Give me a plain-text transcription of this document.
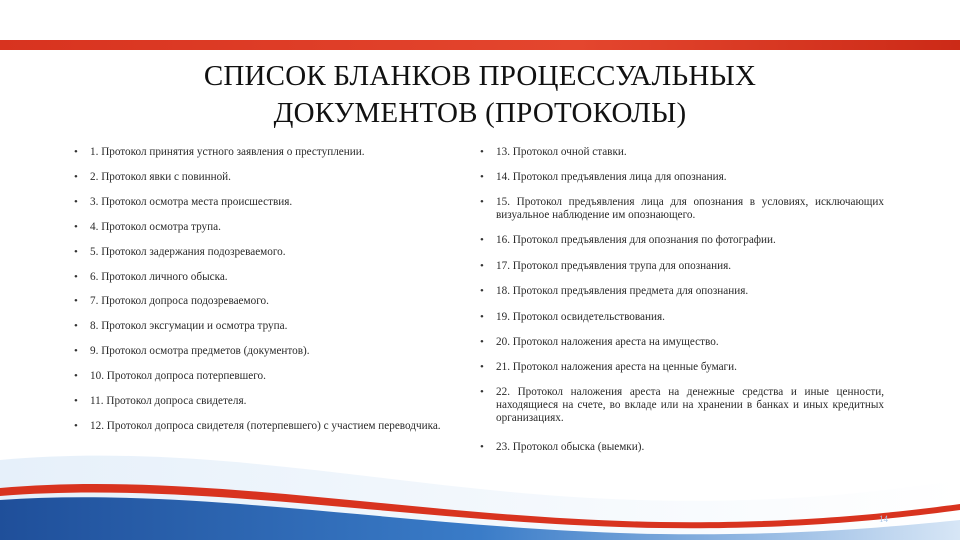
СПИСОК БЛАНКОВ ПРОЦЕССУАЛЬНЫХ
ДОКУМЕНТОВ (ПРОТОКОЛЫ)
• 1. Протокол принятия устного заявления о преступлении.
• 2. Протокол явки с повинной.
• 3. Протокол осмотра места происшествия.
• 4. Протокол осмотра трупа.
• 5. Протокол задержания подозреваемого.
• 6. Протокол личного обыска.
• 7. Протокол допроса подозреваемого.
• 8. Протокол эксгумации и осмотра трупа.
• 9. Протокол осмотра предметов (документов).
• 10. Протокол допроса потерпевшего.
• 11. Протокол допроса свидетеля.
• 12. Протокол допроса свидетеля (потерпевшего) с участием переводчика.
• 13. Протокол очной ставки.
• 14. Протокол предъявления лица для опознания.
• 15. Протокол предъявления лица для опознания в условиях, исключающих визуальное наблюдение им опознающего.
• 16. Протокол предъявления для опознания по фотографии.
• 17. Протокол предъявления трупа для опознания.
• 18. Протокол предъявления предмета для опознания.
• 19. Протокол освидетельствования.
• 20. Протокол наложения ареста на имущество.
• 21. Протокол наложения ареста на ценные бумаги.
• 22. Протокол наложения ареста на денежные средства и иные ценности, находящиеся на счете, во вкладе или на хранении в банках и иных кредитных организациях.
• 23. Протокол обыска (выемки).
14
